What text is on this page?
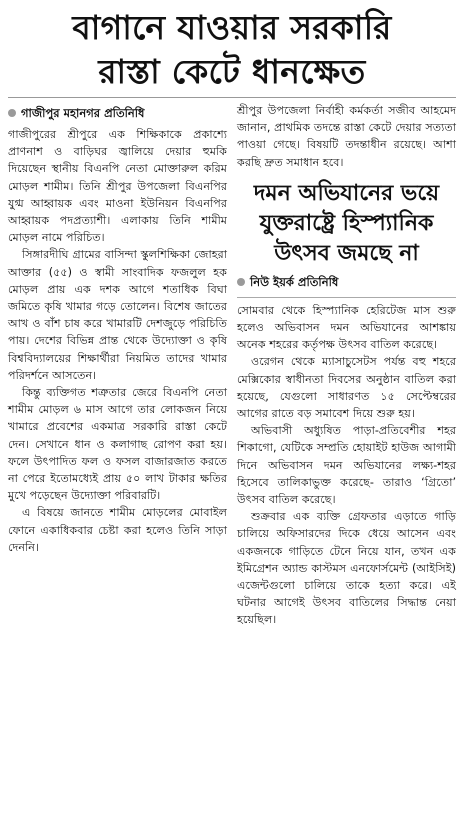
বাগানে যাওয়ার সরকারি
রাস্তা কেটে ধানক্ষেত
গাজীপুর মহানগর প্রতিনিধি

গাজীপুরের শ্রীপুরে এক শিক্ষিকাকে প্রকাশ্যে প্রাণনাশ ও বাড়িঘর জ্বালিয়ে দেয়ার হুমকি দিয়েছেন স্থানীয় বিএনপি নেতা মোক্তারুল করিম মোড়ল শামীম। তিনি শ্রীপুর উপজেলা বিএনপির যুগ্ম আহ্বায়ক এবং মাওনা ইউনিয়ন বিএনপির আহ্বায়ক পদপ্রত্যাশী। এলাকায় তিনি শামীম মোড়ল নামে পরিচিত।

সিঙ্গারদীঘি গ্রামের বাসিন্দা স্কুলশিক্ষিকা জোহরা আক্তার (৫৫) ও স্বামী সাংবাদিক ফজলুল হক মোড়ল প্রায় এক দশক আগে শতাধিক বিঘা জমিতে কৃষি খামার গড়ে তোলেন। বিশেষ জাতের আখ ও বাঁশ চাষ করে খামারটি দেশজুড়ে পরিচিতি পায়। দেশের বিভিন্ন প্রান্ত থেকে উদ্যোক্তা ও কৃষি বিশ্ববিদ্যালয়ের শিক্ষার্থীরা নিয়মিত তাদের খামার পরিদর্শনে আসতেন।

কিন্তু ব্যক্তিগত শত্রুতার জেরে বিএনপি নেতা শামীম মোড়ল ৬ মাস আগে তার লোকজন নিয়ে খামারে প্রবেশের একমাত্র সরকারি রাস্তা কেটে দেন। সেখানে ধান ও কলাগাছ রোপণ করা হয়। ফলে উৎপাদিত ফল ও ফসল বাজারজাত করতে না পেরে ইতোমধ্যেই প্রায় ৫০ লাখ টাকার ক্ষতির মুখে পড়েছেন উদ্যোক্তা পরিবারটি।

এ বিষয়ে জানতে শামীম মোড়লের মোবাইল ফোনে একাধিকবার চেষ্টা করা হলেও তিনি সাড়া দেননি।

শ্রীপুর উপজেলা নির্বাহী কর্মকর্তা সজীব আহমেদ জানান, প্রাথমিক তদন্তে রাস্তা কেটে দেয়ার সত্যতা পাওয়া গেছে। বিষয়টি তদন্তাধীন রয়েছে। আশা করছি দ্রুত সমাধান হবে।

দমন অভিযানের ভয়ে
যুক্তরাষ্ট্রে হিস্প্যানিক
উৎসব জমছে না
নিউ ইয়র্ক প্রতিনিধি

সোমবার থেকে হিস্প্যানিক হেরিটেজ মাস শুরু হলেও অভিবাসন দমন অভিযানের আশঙ্কায় অনেক শহরের কর্তৃপক্ষ উৎসব বাতিল করেছে।

ওরেগন থেকে ম্যাসাচুসেটস পর্যন্ত বহু শহরে মেক্সিকোর স্বাধীনতা দিবসের অনুষ্ঠান বাতিল করা হয়েছে, যেগুলো সাধারণত ১৫ সেপ্টেম্বরের আগের রাতে বড় সমাবেশ দিয়ে শুরু হয়।

অভিবাসী অধ্যুষিত পাড়া-প্রতিবেশীর শহর শিকাগো, যেটিকে সম্প্রতি হোয়াইট হাউজ আগামী দিনে অভিবাসন দমন অভিযানের লক্ষ্য-শহর হিসেবে তালিকাভুক্ত করেছে- তারাও ‘গ্রিতো’ উৎসব বাতিল করেছে।

শুক্রবার এক ব্যক্তি গ্রেফতার এড়াতে গাড়ি চালিয়ে অফিসারদের দিকে ধেয়ে আসেন এবং একজনকে গাড়িতে টেনে নিয়ে যান, তখন এক ইমিগ্রেশন অ্যান্ড কাস্টমস এনফোর্সমেন্ট (আইসিই) এজেন্টগুলো চালিয়ে তাকে হত্যা করে। এই ঘটনার আগেই উৎসব বাতিলের সিদ্ধান্ত নেয়া হয়েছিল।
